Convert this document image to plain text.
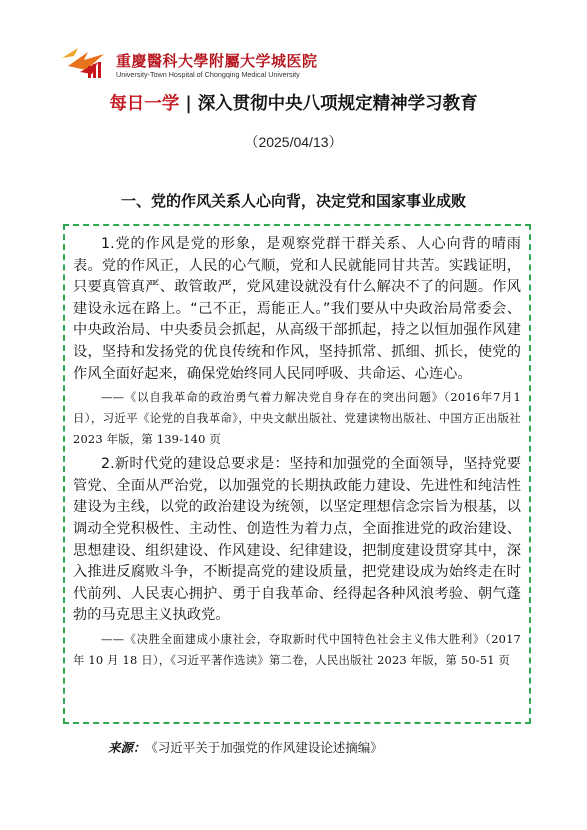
重慶醫科大學附屬大学城医院
University-Town Hospital of Chongqing Medical University
每日一学 | 深入贯彻中央八项规定精神学习教育
（2025/04/13）
一、党的作风关系人心向背，决定党和国家事业成败

1.党的作风是党的形象，是观察党群干群关系、人心向背的晴雨表。党的作风正，人民的心气顺，党和人民就能同甘共苦。实践证明，只要真管真严、敢管敢严，党风建设就没有什么解决不了的问题。作风建设永远在路上。“己不正，焉能正人。”我们要从中央政治局常委会、中央政治局、中央委员会抓起，从高级干部抓起，持之以恒加强作风建设，坚持和发扬党的优良传统和作风，坚持抓常、抓细、抓长，使党的作风全面好起来，确保党始终同人民同呼吸、共命运、心连心。

——《以自我革命的政治勇气着力解决党自身存在的突出问题》（2016年7月1日），习近平《论党的自我革命》，中央文献出版社、党建读物出版社、中国方正出版社 2023 年版，第 139-140 页

2.新时代党的建设总要求是：坚持和加强党的全面领导，坚持党要管党、全面从严治党，以加强党的长期执政能力建设、先进性和纯洁性建设为主线，以党的政治建设为统领，以坚定理想信念宗旨为根基，以调动全党积极性、主动性、创造性为着力点，全面推进党的政治建设、思想建设、组织建设、作风建设、纪律建设，把制度建设贯穿其中，深入推进反腐败斗争，不断提高党的建设质量，把党建设成为始终走在时代前列、人民衷心拥护、勇于自我革命、经得起各种风浪考验、朝气蓬勃的马克思主义执政党。

——《决胜全面建成小康社会，夺取新时代中国特色社会主义伟大胜利》（2017 年 10 月 18 日），《习近平著作选读》第二卷，人民出版社 2023 年版，第 50-51 页

来源： 《习近平关于加强党的作风建设论述摘编》
